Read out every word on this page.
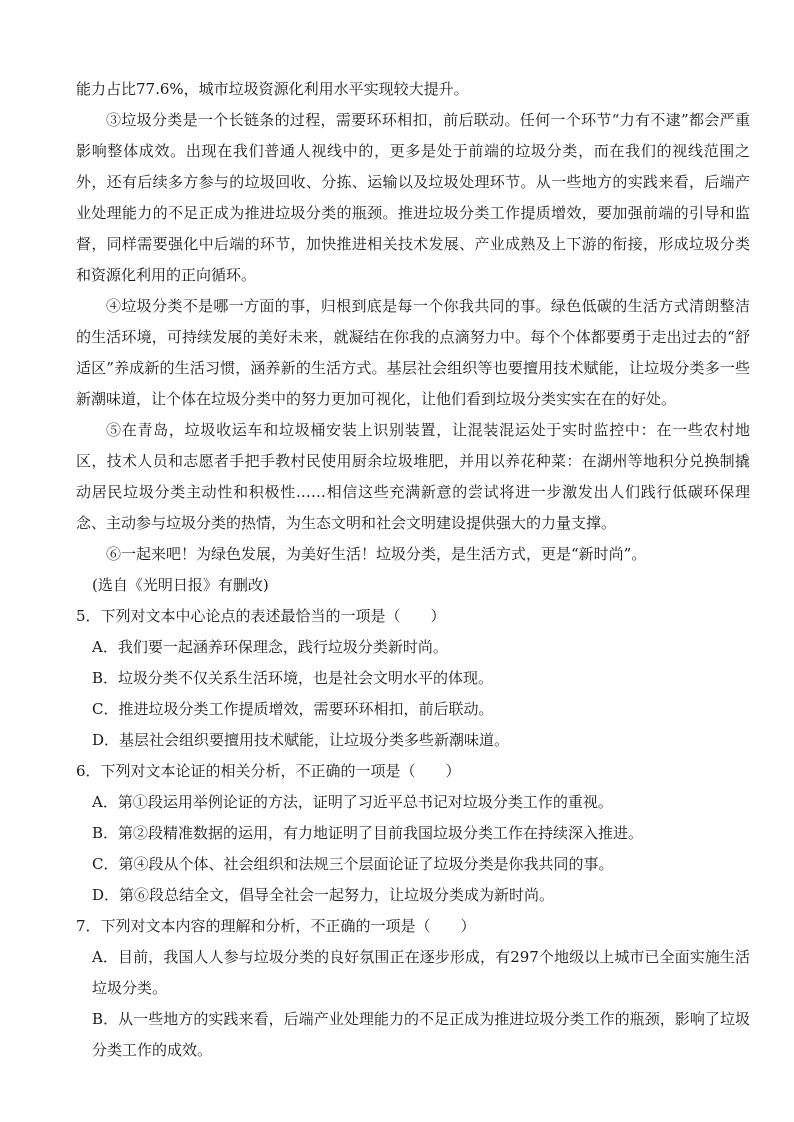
能力占比77.6%，城市垃圾资源化利用水平实现较大提升。

③垃圾分类是一个长链条的过程，需要环环相扣，前后联动。任何一个环节“力有不逮”都会严重影响整体成效。出现在我们普通人视线中的，更多是处于前端的垃圾分类，而在我们的视线范围之外，还有后续多方参与的垃圾回收、分拣、运输以及垃圾处理环节。从一些地方的实践来看，后端产业处理能力的不足正成为推进垃圾分类的瓶颈。推进垃圾分类工作提质增效，要加强前端的引导和监督，同样需要强化中后端的环节，加快推进相关技术发展、产业成熟及上下游的衔接，形成垃圾分类和资源化利用的正向循环。

④垃圾分类不是哪一方面的事，归根到底是每一个你我共同的事。绿色低碳的生活方式清朗整洁的生活环境，可持续发展的美好未来，就凝结在你我的点滴努力中。每个个体都要勇于走出过去的“舒适区”养成新的生活习惯，涵养新的生活方式。基层社会组织等也要擅用技术赋能，让垃圾分类多一些新潮味道，让个体在垃圾分类中的努力更加可视化，让他们看到垃圾分类实实在在的好处。

⑤在青岛，垃圾收运车和垃圾桶安装上识别装置，让混装混运处于实时监控中：在一些农村地区，技术人员和志愿者手把手教村民使用厨余垃圾堆肥，并用以养花种菜：在湖州等地积分兑换制撬动居民垃圾分类主动性和积极性……相信这些充满新意的尝试将进一步激发出人们践行低碳环保理念、主动参与垃圾分类的热情，为生态文明和社会文明建设提供强大的力量支撑。

⑥一起来吧！为绿色发展，为美好生活！垃圾分类，是生活方式，更是“新时尚”。

(选自《光明日报》有删改)

5．下列对文本中心论点的表述最恰当的一项是（　　）

A．我们要一起涵养环保理念，践行垃圾分类新时尚。

B．垃圾分类不仅关系生活环境，也是社会文明水平的体现。

C．推进垃圾分类工作提质增效，需要环环相扣，前后联动。

D．基层社会组织要擅用技术赋能，让垃圾分类多些新潮味道。

6．下列对文本论证的相关分析，不正确的一项是（　　）

A．第①段运用举例论证的方法，证明了习近平总书记对垃圾分类工作的重视。

B．第②段精准数据的运用，有力地证明了目前我国垃圾分类工作在持续深入推进。

C．第④段从个体、社会组织和法规三个层面论证了垃圾分类是你我共同的事。

D．第⑥段总结全文，倡导全社会一起努力，让垃圾分类成为新时尚。

7．下列对文本内容的理解和分析，不正确的一项是（　　）

A．目前，我国人人参与垃圾分类的良好氛围正在逐步形成，有297个地级以上城市已全面实施生活垃圾分类。

B．从一些地方的实践来看，后端产业处理能力的不足正成为推进垃圾分类工作的瓶颈，影响了垃圾分类工作的成效。
